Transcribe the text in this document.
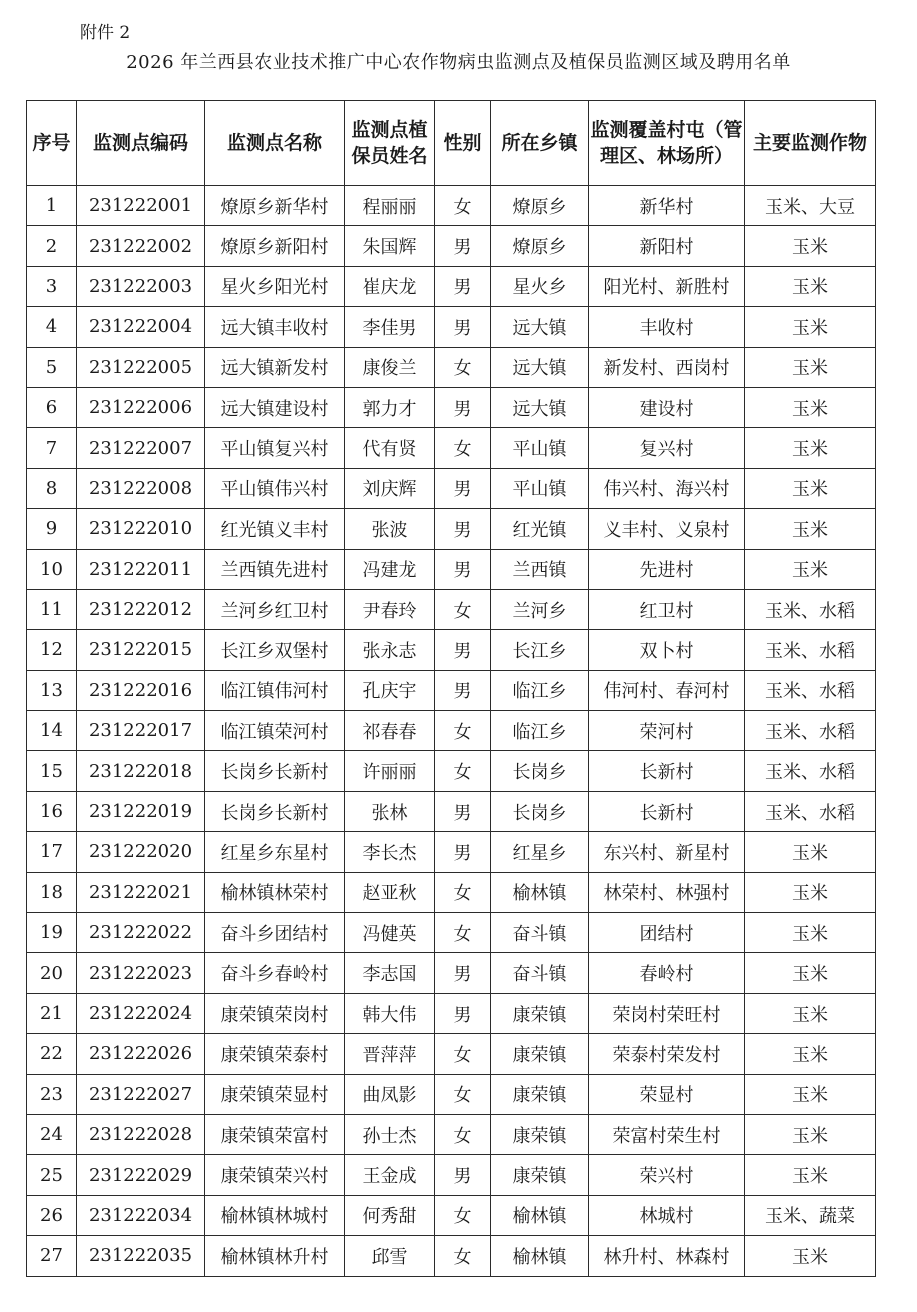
附件 2
2026 年兰西县农业技术推广中心农作物病虫监测点及植保员监测区域及聘用名单
序号	监测点编码	监测点名称	监测点植保员姓名	性别	所在乡镇	监测覆盖村屯（管理区、林场所）	主要监测作物
1	231222001	燎原乡新华村	程丽丽	女	燎原乡	新华村	玉米、大豆
2	231222002	燎原乡新阳村	朱国辉	男	燎原乡	新阳村	玉米
3	231222003	星火乡阳光村	崔庆龙	男	星火乡	阳光村、新胜村	玉米
4	231222004	远大镇丰收村	李佳男	男	远大镇	丰收村	玉米
5	231222005	远大镇新发村	康俊兰	女	远大镇	新发村、西岗村	玉米
6	231222006	远大镇建设村	郭力才	男	远大镇	建设村	玉米
7	231222007	平山镇复兴村	代有贤	女	平山镇	复兴村	玉米
8	231222008	平山镇伟兴村	刘庆辉	男	平山镇	伟兴村、海兴村	玉米
9	231222010	红光镇义丰村	张波	男	红光镇	义丰村、义泉村	玉米
10	231222011	兰西镇先进村	冯建龙	男	兰西镇	先进村	玉米
11	231222012	兰河乡红卫村	尹春玲	女	兰河乡	红卫村	玉米、水稻
12	231222015	长江乡双堡村	张永志	男	长江乡	双卜村	玉米、水稻
13	231222016	临江镇伟河村	孔庆宇	男	临江乡	伟河村、春河村	玉米、水稻
14	231222017	临江镇荣河村	祁春春	女	临江乡	荣河村	玉米、水稻
15	231222018	长岗乡长新村	许丽丽	女	长岗乡	长新村	玉米、水稻
16	231222019	长岗乡长新村	张林	男	长岗乡	长新村	玉米、水稻
17	231222020	红星乡东星村	李长杰	男	红星乡	东兴村、新星村	玉米
18	231222021	榆林镇林荣村	赵亚秋	女	榆林镇	林荣村、林强村	玉米
19	231222022	奋斗乡团结村	冯健英	女	奋斗镇	团结村	玉米
20	231222023	奋斗乡春岭村	李志国	男	奋斗镇	春岭村	玉米
21	231222024	康荣镇荣岗村	韩大伟	男	康荣镇	荣岗村荣旺村	玉米
22	231222026	康荣镇荣泰村	晋萍萍	女	康荣镇	荣泰村荣发村	玉米
23	231222027	康荣镇荣显村	曲凤影	女	康荣镇	荣显村	玉米
24	231222028	康荣镇荣富村	孙士杰	女	康荣镇	荣富村荣生村	玉米
25	231222029	康荣镇荣兴村	王金成	男	康荣镇	荣兴村	玉米
26	231222034	榆林镇林城村	何秀甜	女	榆林镇	林城村	玉米、蔬菜
27	231222035	榆林镇林升村	邱雪	女	榆林镇	林升村、林森村	玉米
